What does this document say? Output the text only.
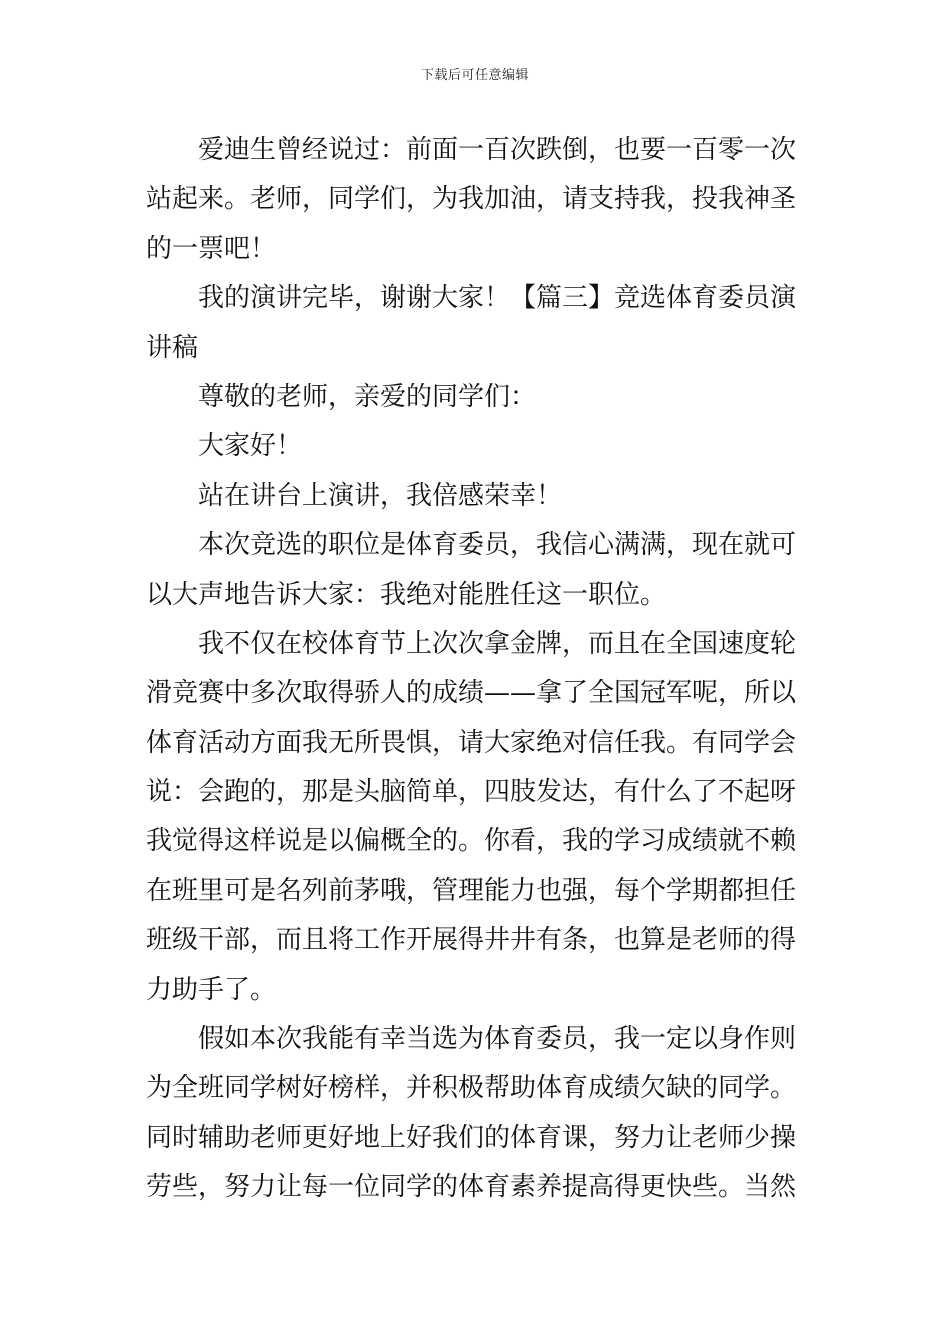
下载后可任意编辑
爱迪生曾经说过：前面一百次跌倒，也要一百零一次
站起来。老师，同学们，为我加油，请支持我，投我神圣
的一票吧！
我的演讲完毕，谢谢大家！【篇三】竞选体育委员演
讲稿
尊敬的老师，亲爱的同学们：
大家好！
站在讲台上演讲，我倍感荣幸！
本次竞选的职位是体育委员，我信心满满，现在就可
以大声地告诉大家：我绝对能胜任这一职位。
我不仅在校体育节上次次拿金牌，而且在全国速度轮
滑竞赛中多次取得骄人的成绩——拿了全国冠军呢，所以
体育活动方面我无所畏惧，请大家绝对信任我。有同学会
说：会跑的，那是头脑简单，四肢发达，有什么了不起呀
我觉得这样说是以偏概全的。你看，我的学习成绩就不赖
在班里可是名列前茅哦，管理能力也强，每个学期都担任
班级干部，而且将工作开展得井井有条，也算是老师的得
力助手了。
假如本次我能有幸当选为体育委员，我一定以身作则
为全班同学树好榜样，并积极帮助体育成绩欠缺的同学。
同时辅助老师更好地上好我们的体育课，努力让老师少操
劳些，努力让每一位同学的体育素养提高得更快些。当然
